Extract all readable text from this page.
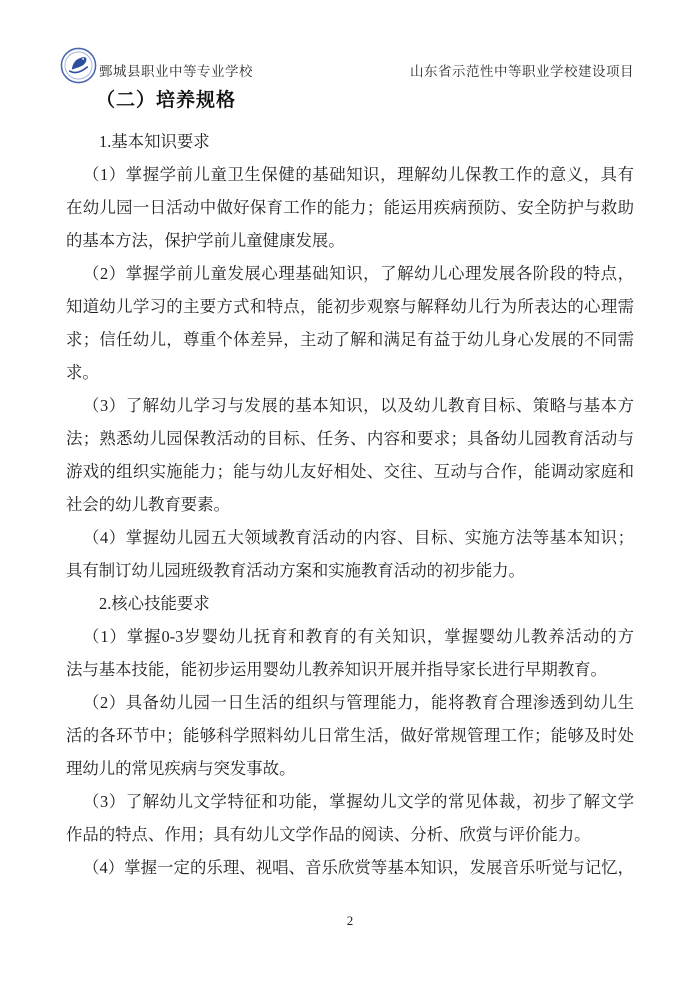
鄄城县职业中等专业学校	山东省示范性中等职业学校建设项目
（二）培养规格
1.基本知识要求
（1）掌握学前儿童卫生保健的基础知识，理解幼儿保教工作的意义，具有
在幼儿园一日活动中做好保育工作的能力；能运用疾病预防、安全防护与救助
的基本方法，保护学前儿童健康发展。
（2）掌握学前儿童发展心理基础知识，了解幼儿心理发展各阶段的特点，
知道幼儿学习的主要方式和特点，能初步观察与解释幼儿行为所表达的心理需
求；信任幼儿，尊重个体差异，主动了解和满足有益于幼儿身心发展的不同需
求。
（3）了解幼儿学习与发展的基本知识，以及幼儿教育目标、策略与基本方
法；熟悉幼儿园保教活动的目标、任务、内容和要求；具备幼儿园教育活动与
游戏的组织实施能力；能与幼儿友好相处、交往、互动与合作，能调动家庭和
社会的幼儿教育要素。
（4）掌握幼儿园五大领域教育活动的内容、目标、实施方法等基本知识；
具有制订幼儿园班级教育活动方案和实施教育活动的初步能力。
2.核心技能要求
（1）掌握0-3岁婴幼儿抚育和教育的有关知识，掌握婴幼儿教养活动的方
法与基本技能，能初步运用婴幼儿教养知识开展并指导家长进行早期教育。
（2）具备幼儿园一日生活的组织与管理能力，能将教育合理渗透到幼儿生
活的各环节中；能够科学照料幼儿日常生活，做好常规管理工作；能够及时处
理幼儿的常见疾病与突发事故。
（3）了解幼儿文学特征和功能，掌握幼儿文学的常见体裁，初步了解文学
作品的特点、作用；具有幼儿文学作品的阅读、分析、欣赏与评价能力。
（4）掌握一定的乐理、视唱、音乐欣赏等基本知识，发展音乐听觉与记忆，
2
